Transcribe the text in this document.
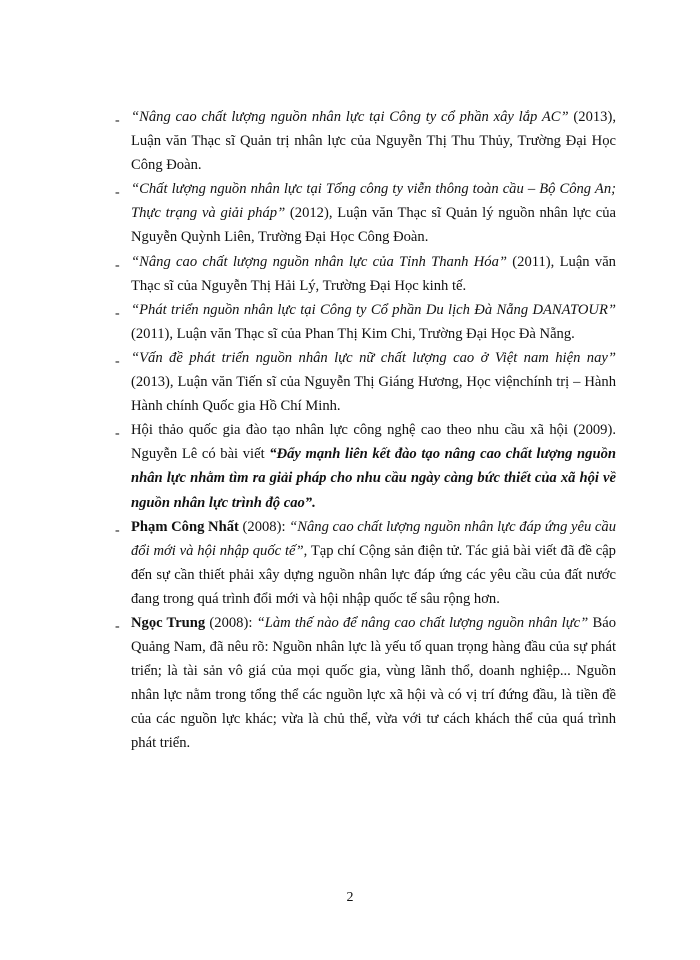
- “Nâng cao chất lượng nguồn nhân lực tại Công ty cổ phần xây lắp AC” (2013), Luận văn Thạc sĩ Quản trị nhân lực của Nguyễn Thị Thu Thủy, Trường Đại Học Công Đoàn.
- “Chất lượng nguồn nhân lực tại Tổng công ty viễn thông toàn cầu – Bộ Công An; Thực trạng và giải pháp” (2012), Luận văn Thạc sĩ Quản lý nguồn nhân lực của Nguyễn Quỳnh Liên, Trường Đại Học Công Đoàn.
- “Nâng cao chất lượng nguồn nhân lực của Tỉnh Thanh Hóa” (2011), Luận văn Thạc sĩ của Nguyễn Thị Hải Lý, Trường Đại Học kinh tế.
- “Phát triển nguồn nhân lực tại Công ty Cổ phần Du lịch Đà Nẵng DANATOUR” (2011), Luận văn Thạc sĩ của Phan Thị Kim Chi, Trường Đại Học Đà Nẵng.
- “Vấn đề phát triển nguồn nhân lực nữ chất lượng cao ở Việt nam hiện nay” (2013), Luận văn Tiến sĩ của Nguyễn Thị Giáng Hương, Học việnchính trị – Hành Hành chính Quốc gia Hồ Chí Minh.
- Hội thảo quốc gia đào tạo nhân lực công nghệ cao theo nhu cầu xã hội (2009). Nguyễn Lê có bài viết “Đẩy mạnh liên kết đào tạo nâng cao chất lượng nguồn nhân lực nhằm tìm ra giải pháp cho nhu cầu ngày càng bức thiết của xã hội về nguồn nhân lực trình độ cao”.
- Phạm Công Nhất (2008): “Nâng cao chất lượng nguồn nhân lực đáp ứng yêu cầu đổi mới và hội nhập quốc tế”, Tạp chí Cộng sản điện tử. Tác giả bài viết đã đề cập đến sự cần thiết phải xây dựng nguồn nhân lực đáp ứng các yêu cầu của đất nước đang trong quá trình đổi mới và hội nhập quốc tế sâu rộng hơn.
- Ngọc Trung (2008): “Làm thế nào để nâng cao chất lượng nguồn nhân lực” Báo Quảng Nam, đã nêu rõ: Nguồn nhân lực là yếu tố quan trọng hàng đầu của sự phát triển; là tài sản vô giá của mọi quốc gia, vùng lãnh thổ, doanh nghiệp... Nguồn nhân lực nằm trong tổng thể các nguồn lực xã hội và có vị trí đứng đầu, là tiền đề của các nguồn lực khác; vừa là chủ thể, vừa với tư cách khách thể của quá trình phát triển.
2
